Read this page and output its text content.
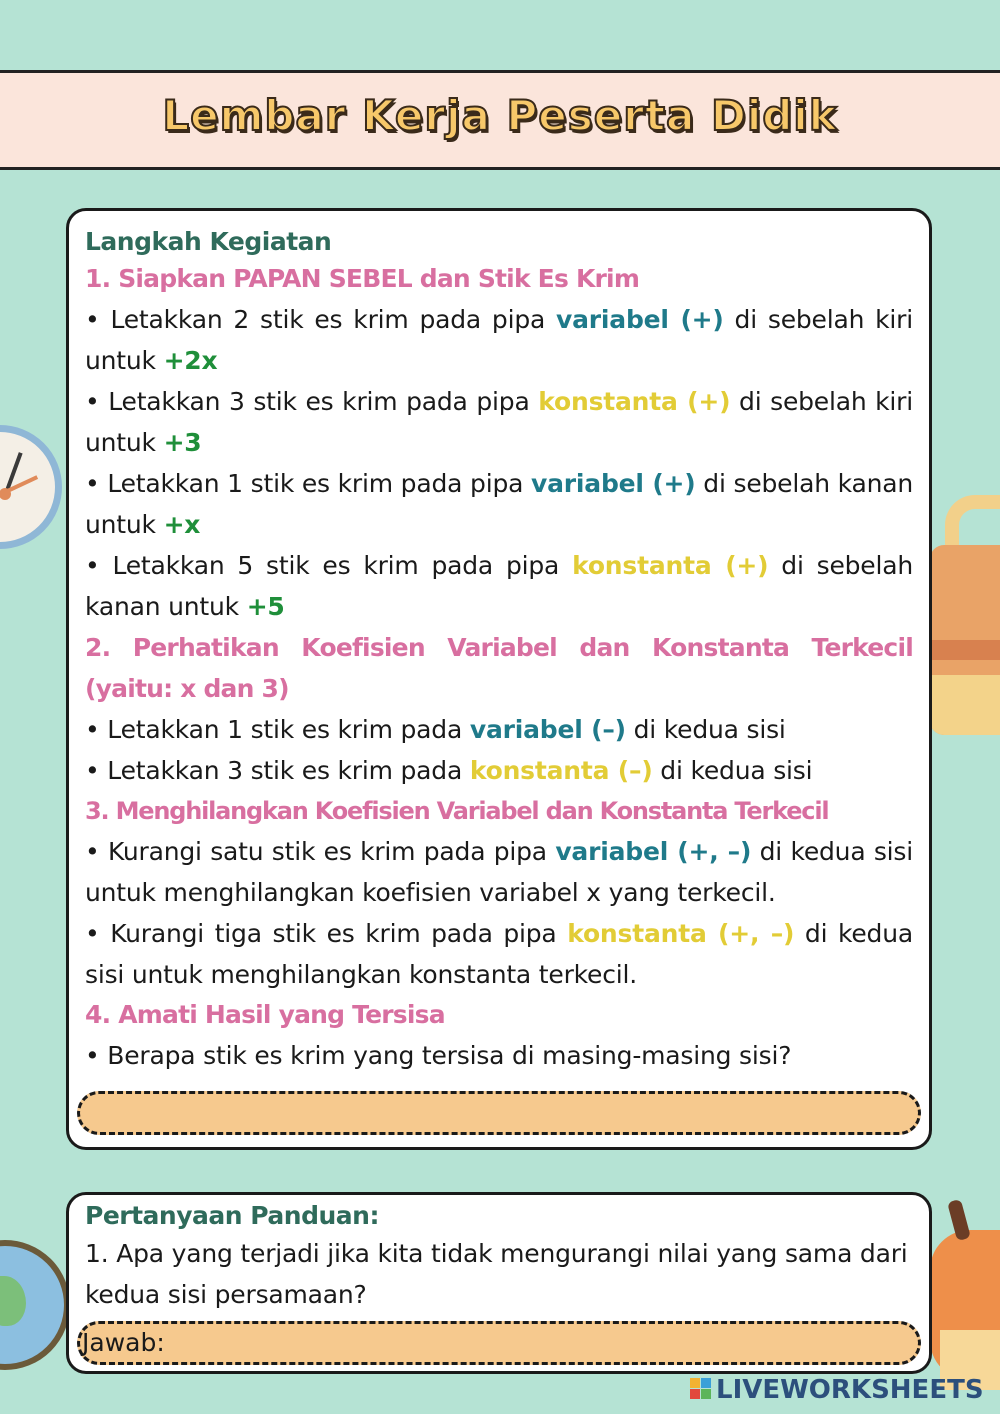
Lembar Kerja Peserta Didik
Langkah Kegiatan
1. Siapkan PAPAN SEBEL dan Stik Es Krim

• Letakkan 2 stik es krim pada pipa variabel (+) di sebelah kiri untuk +2x

• Letakkan 3 stik es krim pada pipa konstanta (+) di sebelah kiri untuk +3

• Letakkan 1 stik es krim pada pipa variabel (+) di sebelah kanan untuk +x

• Letakkan 5 stik es krim pada pipa konstanta (+) di sebelah kanan untuk +5

2. Perhatikan Koefisien Variabel dan Konstanta Terkecil
(yaitu: x dan 3)

• Letakkan 1 stik es krim pada variabel (–) di kedua sisi

• Letakkan 3 stik es krim pada konstanta (–) di kedua sisi

3. Menghilangkan Koefisien Variabel dan Konstanta Terkecil

• Kurangi satu stik es krim pada pipa variabel (+, –) di kedua sisi untuk menghilangkan koefisien variabel x yang terkecil.

• Kurangi tiga stik es krim pada pipa konstanta (+, –) di kedua sisi untuk menghilangkan konstanta terkecil.

4. Amati Hasil yang Tersisa

• Berapa stik es krim yang tersisa di masing-masing sisi?

Pertanyaan Panduan:

1. Apa yang terjadi jika kita tidak mengurangi nilai yang sama dari kedua sisi persamaan?

Jawab:
LIVEWORKSHEETS
